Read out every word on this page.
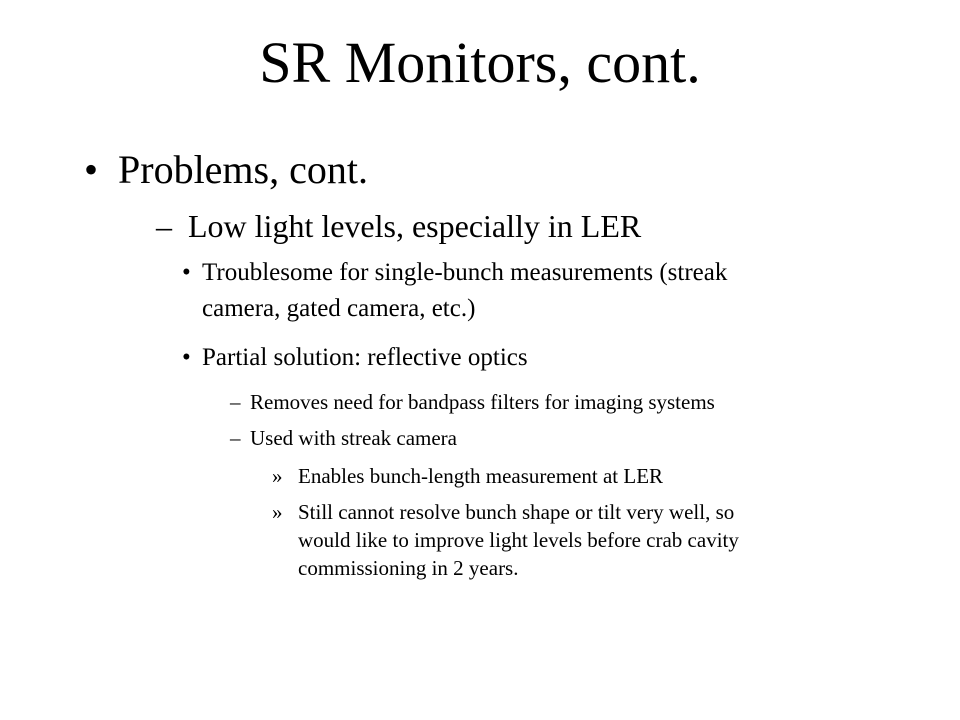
SR Monitors, cont.
• Problems, cont.
– Low light levels, especially in LER
• Troublesome for single-bunch measurements (streak
camera, gated camera, etc.)
• Partial solution: reflective optics
– Removes need for bandpass filters for imaging systems
– Used with streak camera
» Enables bunch-length measurement at LER
» Still cannot resolve bunch shape or tilt very well, so
would like to improve light levels before crab cavity
commissioning in 2 years.
